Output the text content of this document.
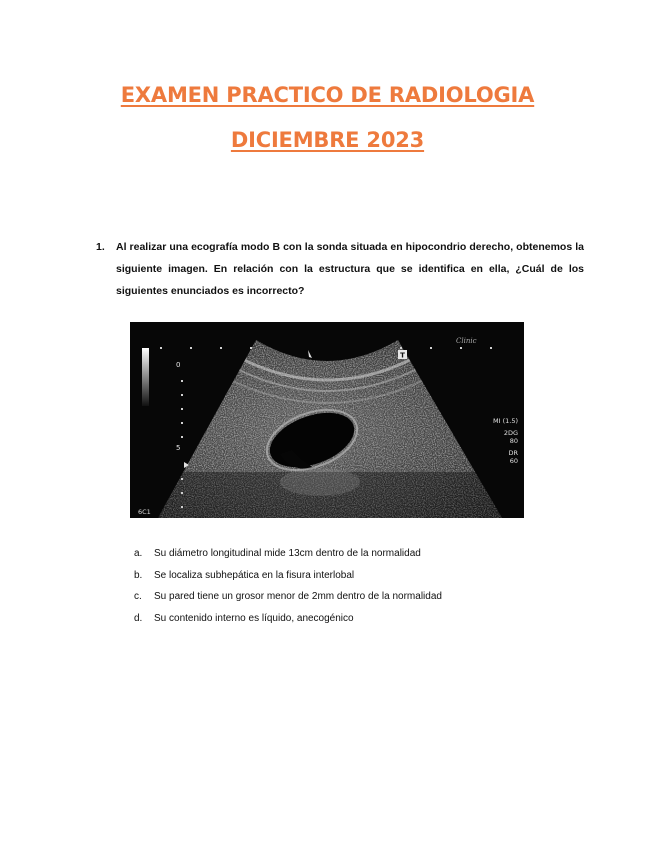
EXAMEN PRACTICO DE RADIOLOGIA
DICIEMBRE 2023
1. Al realizar una ecografía modo B con la sonda situada en hipocondrio derecho, obtenemos la siguiente imagen. En relación con la estructura que se identifica en ella, ¿Cuál de los siguientes enunciados es incorrecto?
0
5
T
Clinic
MI (1.5)
2DG
80
DR
60
6C1
a. Su diámetro longitudinal mide 13cm dentro de la normalidad
b. Se localiza subhepática en la fisura interlobal
c. Su pared tiene un grosor menor de 2mm dentro de la normalidad
d. Su contenido interno es líquido, anecogénico
